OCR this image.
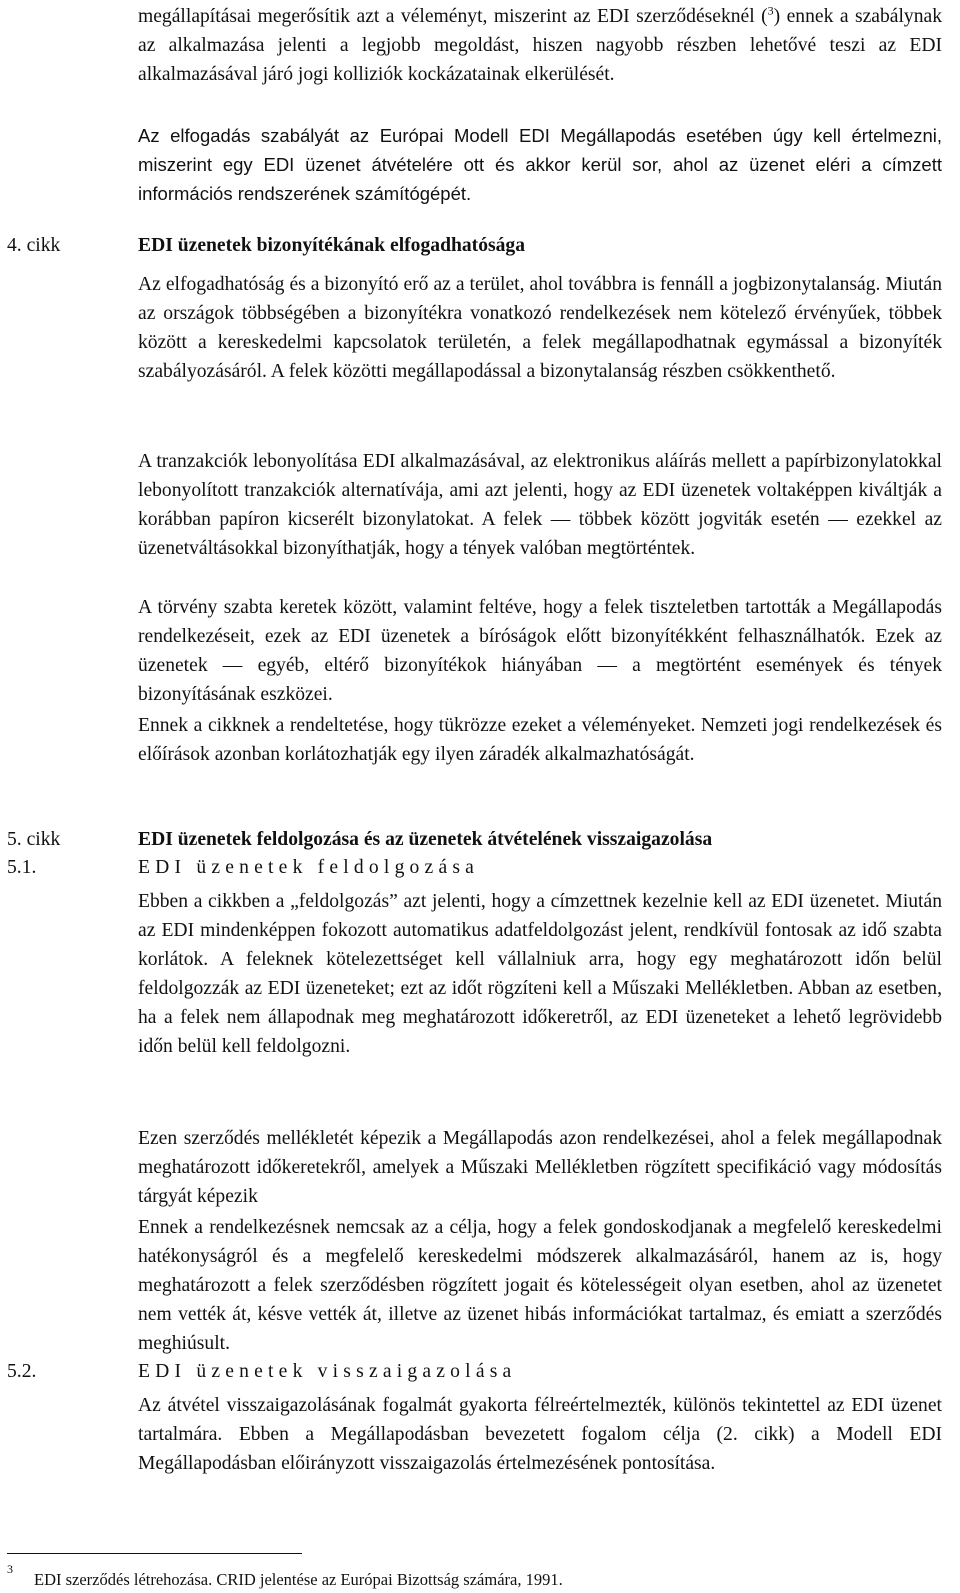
megállapításai megerősítik azt a véleményt, miszerint az EDI szerződéseknél ($^3$) ennek a szabálynak az alkalmazása jelenti a legjobb megoldást, hiszen nagyobb részben lehetővé teszi az EDI alkalmazásával járó jogi kolliziók kockázatainak elkerülését.

Az elfogadás szabályát az Európai Modell EDI Megállapodás esetében úgy kell értelmezni, miszerint egy EDI üzenet átvételére ott és akkor kerül sor, ahol az üzenet eléri a címzett információs rendszerének számítógépét.

4. cikk	EDI üzenetek bizonyítékának elfogadhatósága

Az elfogadhatóság és a bizonyító erő az a terület, ahol továbbra is fennáll a jogbizonytalanság. Miután az országok többségében a bizonyítékra vonatkozó rendelkezések nem kötelező érvényűek, többek között a kereskedelmi kapcsolatok területén, a felek megállapodhatnak egymással a bizonyíték szabályozásáról. A felek közötti megállapodással a bizonytalanság részben csökkenthető.

A tranzakciók lebonyolítása EDI alkalmazásával, az elektronikus aláírás mellett a papírbizonylatokkal lebonyolított tranzakciók alternatívája, ami azt jelenti, hogy az EDI üzenetek voltaképpen kiváltják a korábban papíron kicserélt bizonylatokat. A felek — többek között jogviták esetén — ezekkel az üzenetváltásokkal bizonyíthatják, hogy a tények valóban megtörténtek.

A törvény szabta keretek között, valamint feltéve, hogy a felek tiszteletben tartották a Megállapodás rendelkezéseit, ezek az EDI üzenetek a bíróságok előtt bizonyítékként felhasználhatók. Ezek az üzenetek — egyéb, eltérő bizonyítékok hiányában — a megtörtént események és tények bizonyításának eszközei.

Ennek a cikknek a rendeltetése, hogy tükrözze ezeket a véleményeket. Nemzeti jogi rendelkezések és előírások azonban korlátozhatják egy ilyen záradék alkalmazhatóságát.

5. cikk	EDI üzenetek feldolgozása és az üzenetek átvételének visszaigazolása

5.1.	EDI üzenetek feldolgozása

Ebben a cikkben a „feldolgozás” azt jelenti, hogy a címzettnek kezelnie kell az EDI üzenetet. Miután az EDI mindenképpen fokozott automatikus adatfeldolgozást jelent, rendkívül fontosak az idő szabta korlátok. A feleknek kötelezettséget kell vállalniuk arra, hogy egy meghatározott időn belül feldolgozzák az EDI üzeneteket; ezt az időt rögzíteni kell a Műszaki Mellékletben. Abban az esetben, ha a felek nem állapodnak meg meghatározott időkeretről, az EDI üzeneteket a lehető legrövidebb időn belül kell feldolgozni.

Ezen szerződés mellékletét képezik a Megállapodás azon rendelkezései, ahol a felek megállapodnak meghatározott időkeretekről, amelyek a Műszaki Mellékletben rögzített specifikáció vagy módosítás tárgyát képezik

Ennek a rendelkezésnek nemcsak az a célja, hogy a felek gondoskodjanak a megfelelő kereskedelmi hatékonyságról és a megfelelő kereskedelmi módszerek alkalmazásáról, hanem az is, hogy meghatározott a felek szerződésben rögzített jogait és kötelességeit olyan esetben, ahol az üzenetet nem vették át, késve vették át, illetve az üzenet hibás információkat tartalmaz, és emiatt a szerződés meghiúsult.

5.2.	EDI üzenetek visszaigazolása

Az átvétel visszaigazolásának fogalmát gyakorta félreértelmezték, különös tekintettel az EDI üzenet tartalmára. Ebben a Megállapodásban bevezetett fogalom célja (2. cikk) a Modell EDI Megállapodásban előirányzott visszaigazolás értelmezésének pontosítása.

3

EDI szerződés létrehozása. CRID jelentése az Európai Bizottság számára, 1991.
